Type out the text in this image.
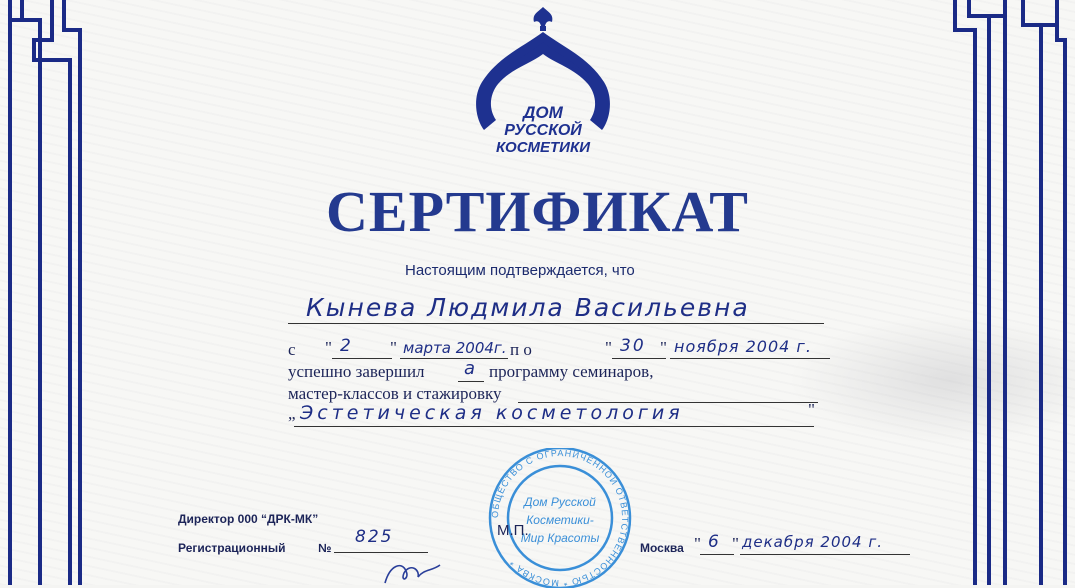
ДОМ
РУССКОЙ
КОСМЕТИКИ
СЕРТИФИКАТ
Настоящим подтверждается, что
Кынева Людмила Васильевна
с " 2 " марта 2004г. п о	" 30 " ноября 2004 г.
успешно завершил а программу семинаров,
мастер-классов и стажировку
„ Эстетическая косметология	"
ОБЩЕСТВО С ОГРАНИЧЕННОЙ ОТВЕТСТВЕННОСТЬЮ * МОСКВА *
Дом Русской
Косметики-
Мир Красоты
Директор 000 “ДРК-МК”
Регистрационный	№
825	М.П.
Москва " 6 " декабря 2004 г.
